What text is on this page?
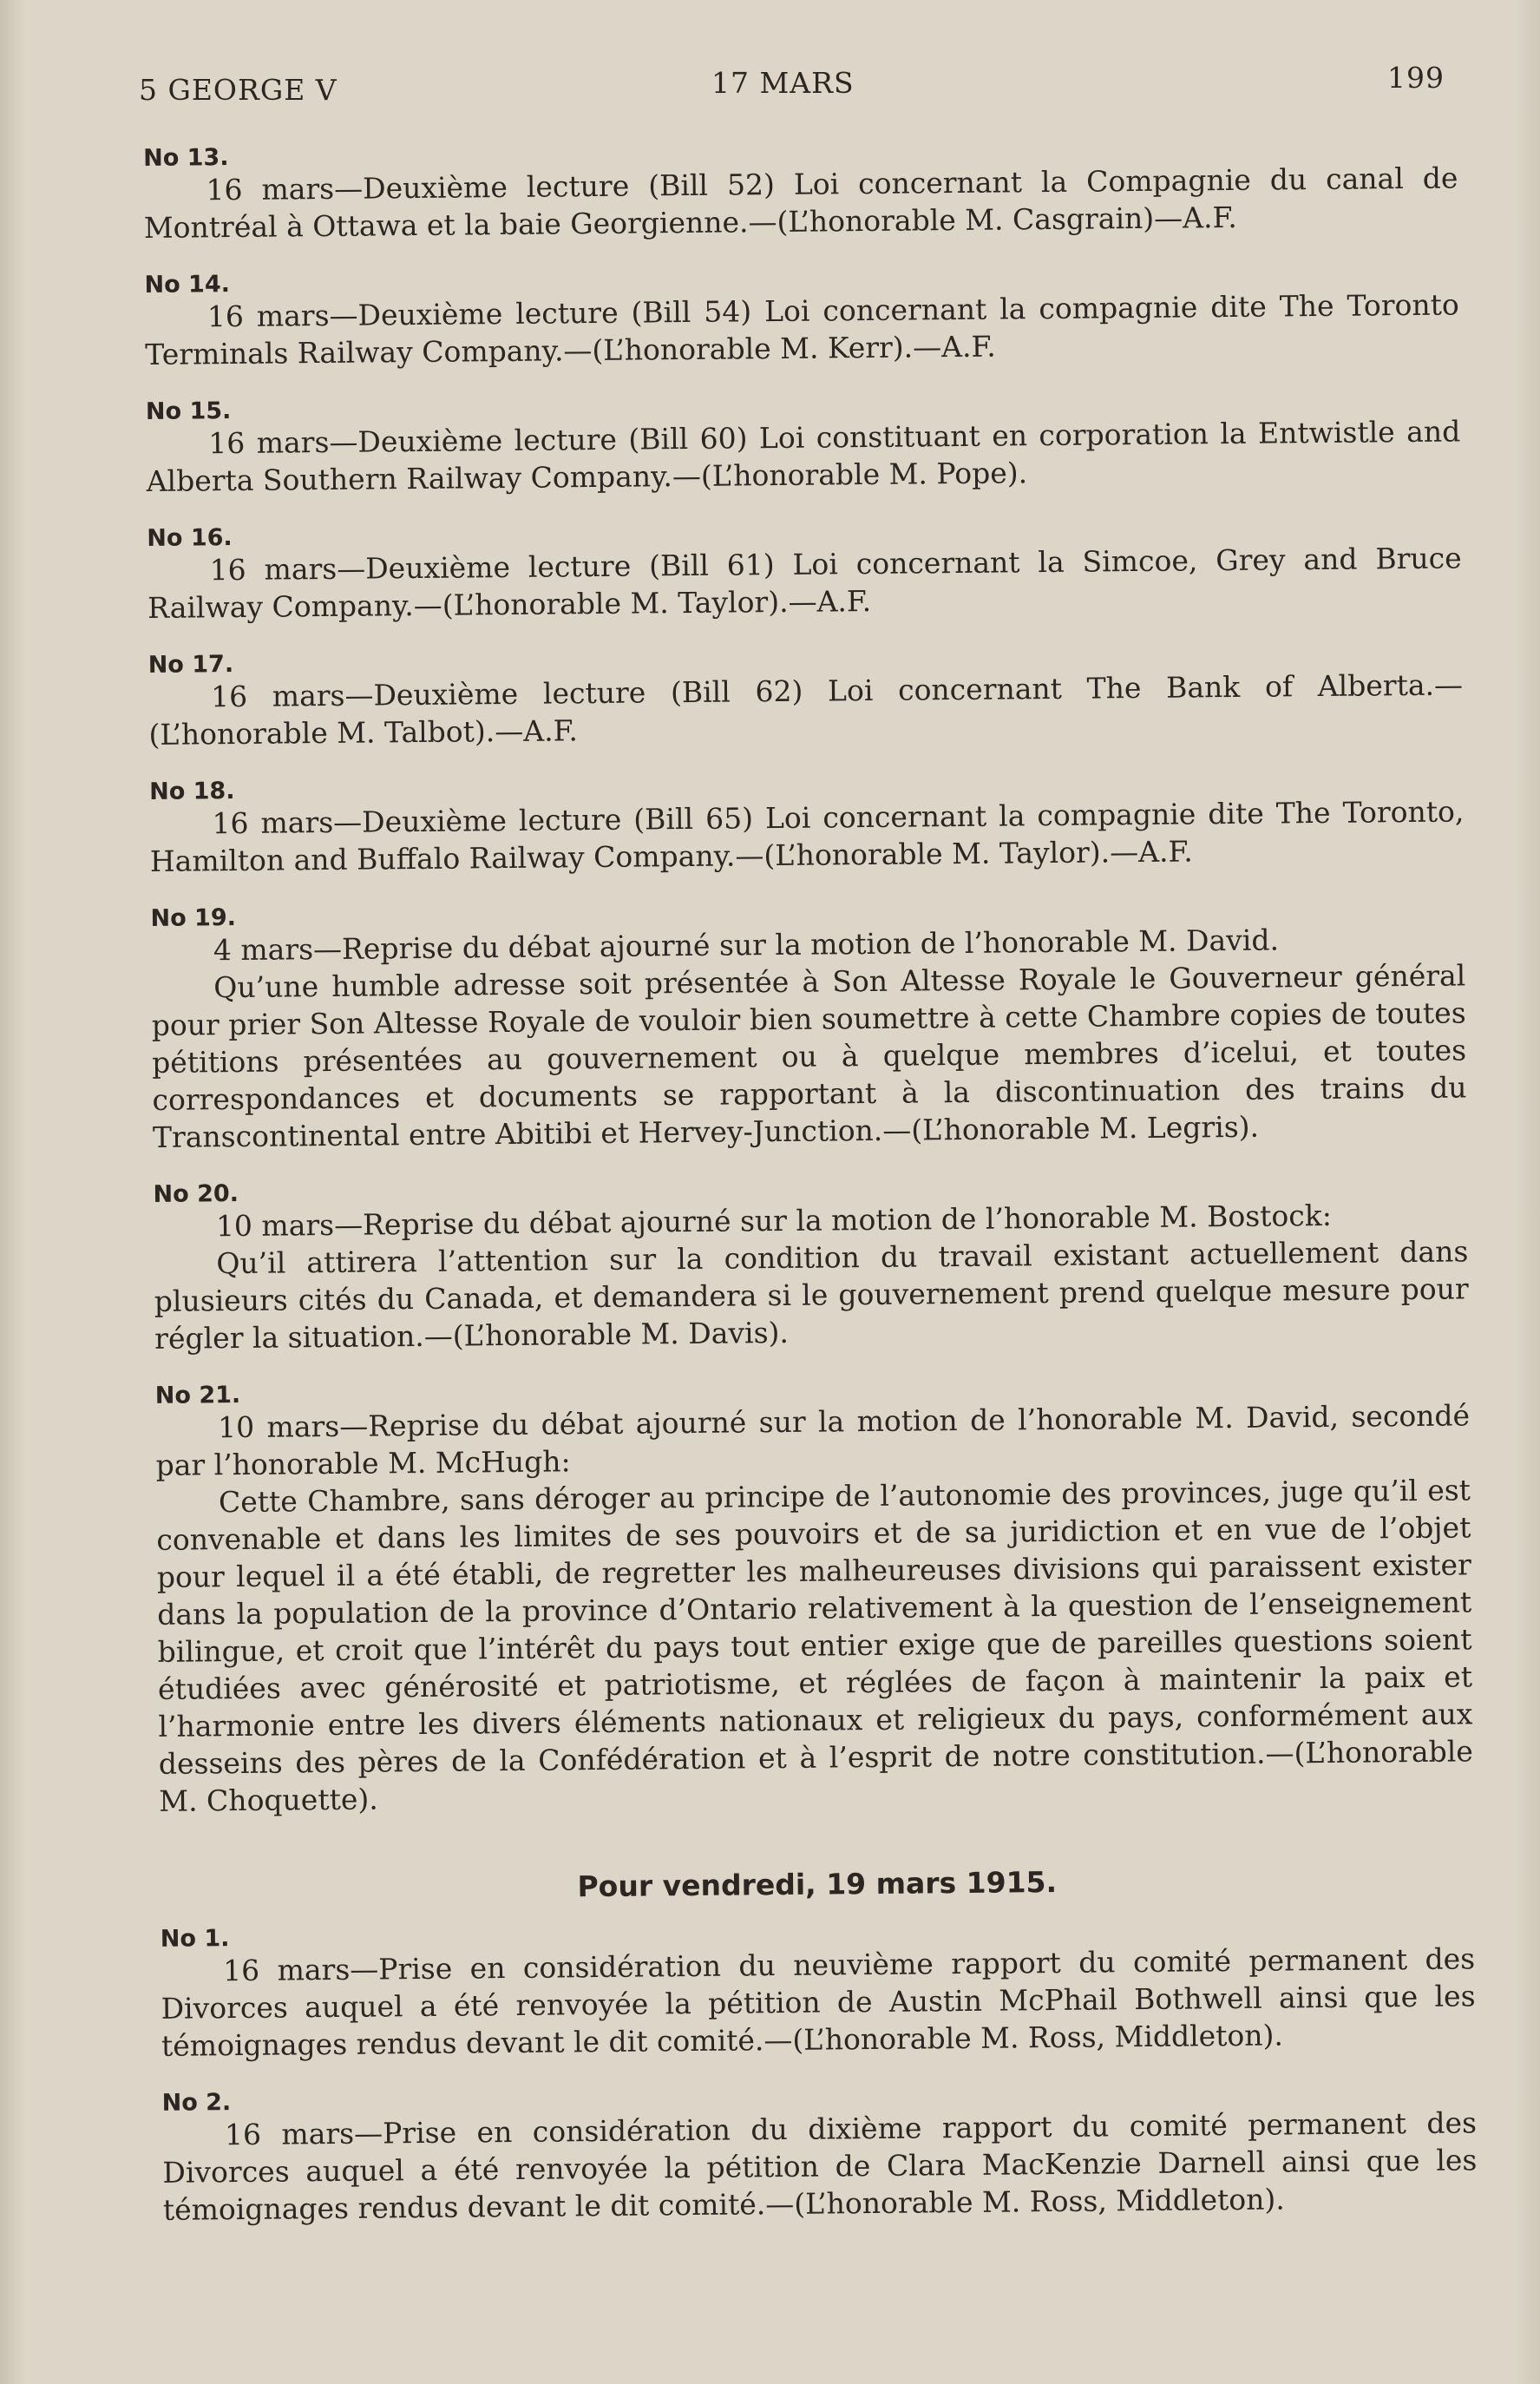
5 GEORGE V	17 MARS	199
No 13.

16 mars—Deuxième lecture (Bill 52) Loi concernant la Compagnie du canal de Montréal à Ottawa et la baie Georgienne.—(L’honorable M. Casgrain)—A.F.

No 14.

16 mars—Deuxième lecture (Bill 54) Loi concernant la compagnie dite The Toronto Terminals Railway Company.—(L’honorable M. Kerr).—A.F.

No 15.

16 mars—Deuxième lecture (Bill 60) Loi constituant en corporation la Entwistle and Alberta Southern Railway Company.—(L’honorable M. Pope).

No 16.

16 mars—Deuxième lecture (Bill 61) Loi concernant la Simcoe, Grey and Bruce Railway Company.—(L’honorable M. Taylor).—A.F.

No 17.

16 mars—Deuxième lecture (Bill 62) Loi concernant The Bank of Alberta.—(L’honorable M. Talbot).—A.F.

No 18.

16 mars—Deuxième lecture (Bill 65) Loi concernant la compagnie dite The Toronto, Hamilton and Buffalo Railway Company.—(L’honorable M. Taylor).—A.F.

No 19.

4 mars—Reprise du débat ajourné sur la motion de l’honorable M. David.

Qu’une humble adresse soit présentée à Son Altesse Royale le Gouverneur général pour prier Son Altesse Royale de vouloir bien soumettre à cette Chambre copies de toutes pétitions présentées au gouvernement ou à quelque membres d’icelui, et toutes correspondances et documents se rapportant à la discontinuation des trains du Transcontinental entre Abitibi et Hervey-Junction.—(L’honorable M. Legris).

No 20.

10 mars—Reprise du débat ajourné sur la motion de l’honorable M. Bostock:

Qu’il attirera l’attention sur la condition du travail existant actuellement dans plusieurs cités du Canada, et demandera si le gouvernement prend quelque mesure pour régler la situation.—(L’honorable M. Davis).

No 21.

10 mars—Reprise du débat ajourné sur la motion de l’honorable M. David, secondé par l’honorable M. McHugh:

Cette Chambre, sans déroger au principe de l’autonomie des provinces, juge qu’il est convenable et dans les limites de ses pouvoirs et de sa juridiction et en vue de l’objet pour lequel il a été établi, de regretter les malheureuses divisions qui paraissent exister dans la population de la province d’Ontario relativement à la question de l’enseignement bilingue, et croit que l’intérêt du pays tout entier exige que de pareilles questions soient étudiées avec générosité et patriotisme, et réglées de façon à maintenir la paix et l’harmonie entre les divers éléments nationaux et religieux du pays, conformément aux desseins des pères de la Confédération et à l’esprit de notre constitution.—(L’honorable M. Choquette).

Pour vendredi, 19 mars 1915.
No 1.

16 mars—Prise en considération du neuvième rapport du comité permanent des Divorces auquel a été renvoyée la pétition de Austin McPhail Bothwell ainsi que les témoignages rendus devant le dit comité.—(L’honorable M. Ross, Middleton).

No 2.

16 mars—Prise en considération du dixième rapport du comité permanent des Divorces auquel a été renvoyée la pétition de Clara MacKenzie Darnell ainsi que les témoignages rendus devant le dit comité.—(L’honorable M. Ross, Middleton).
